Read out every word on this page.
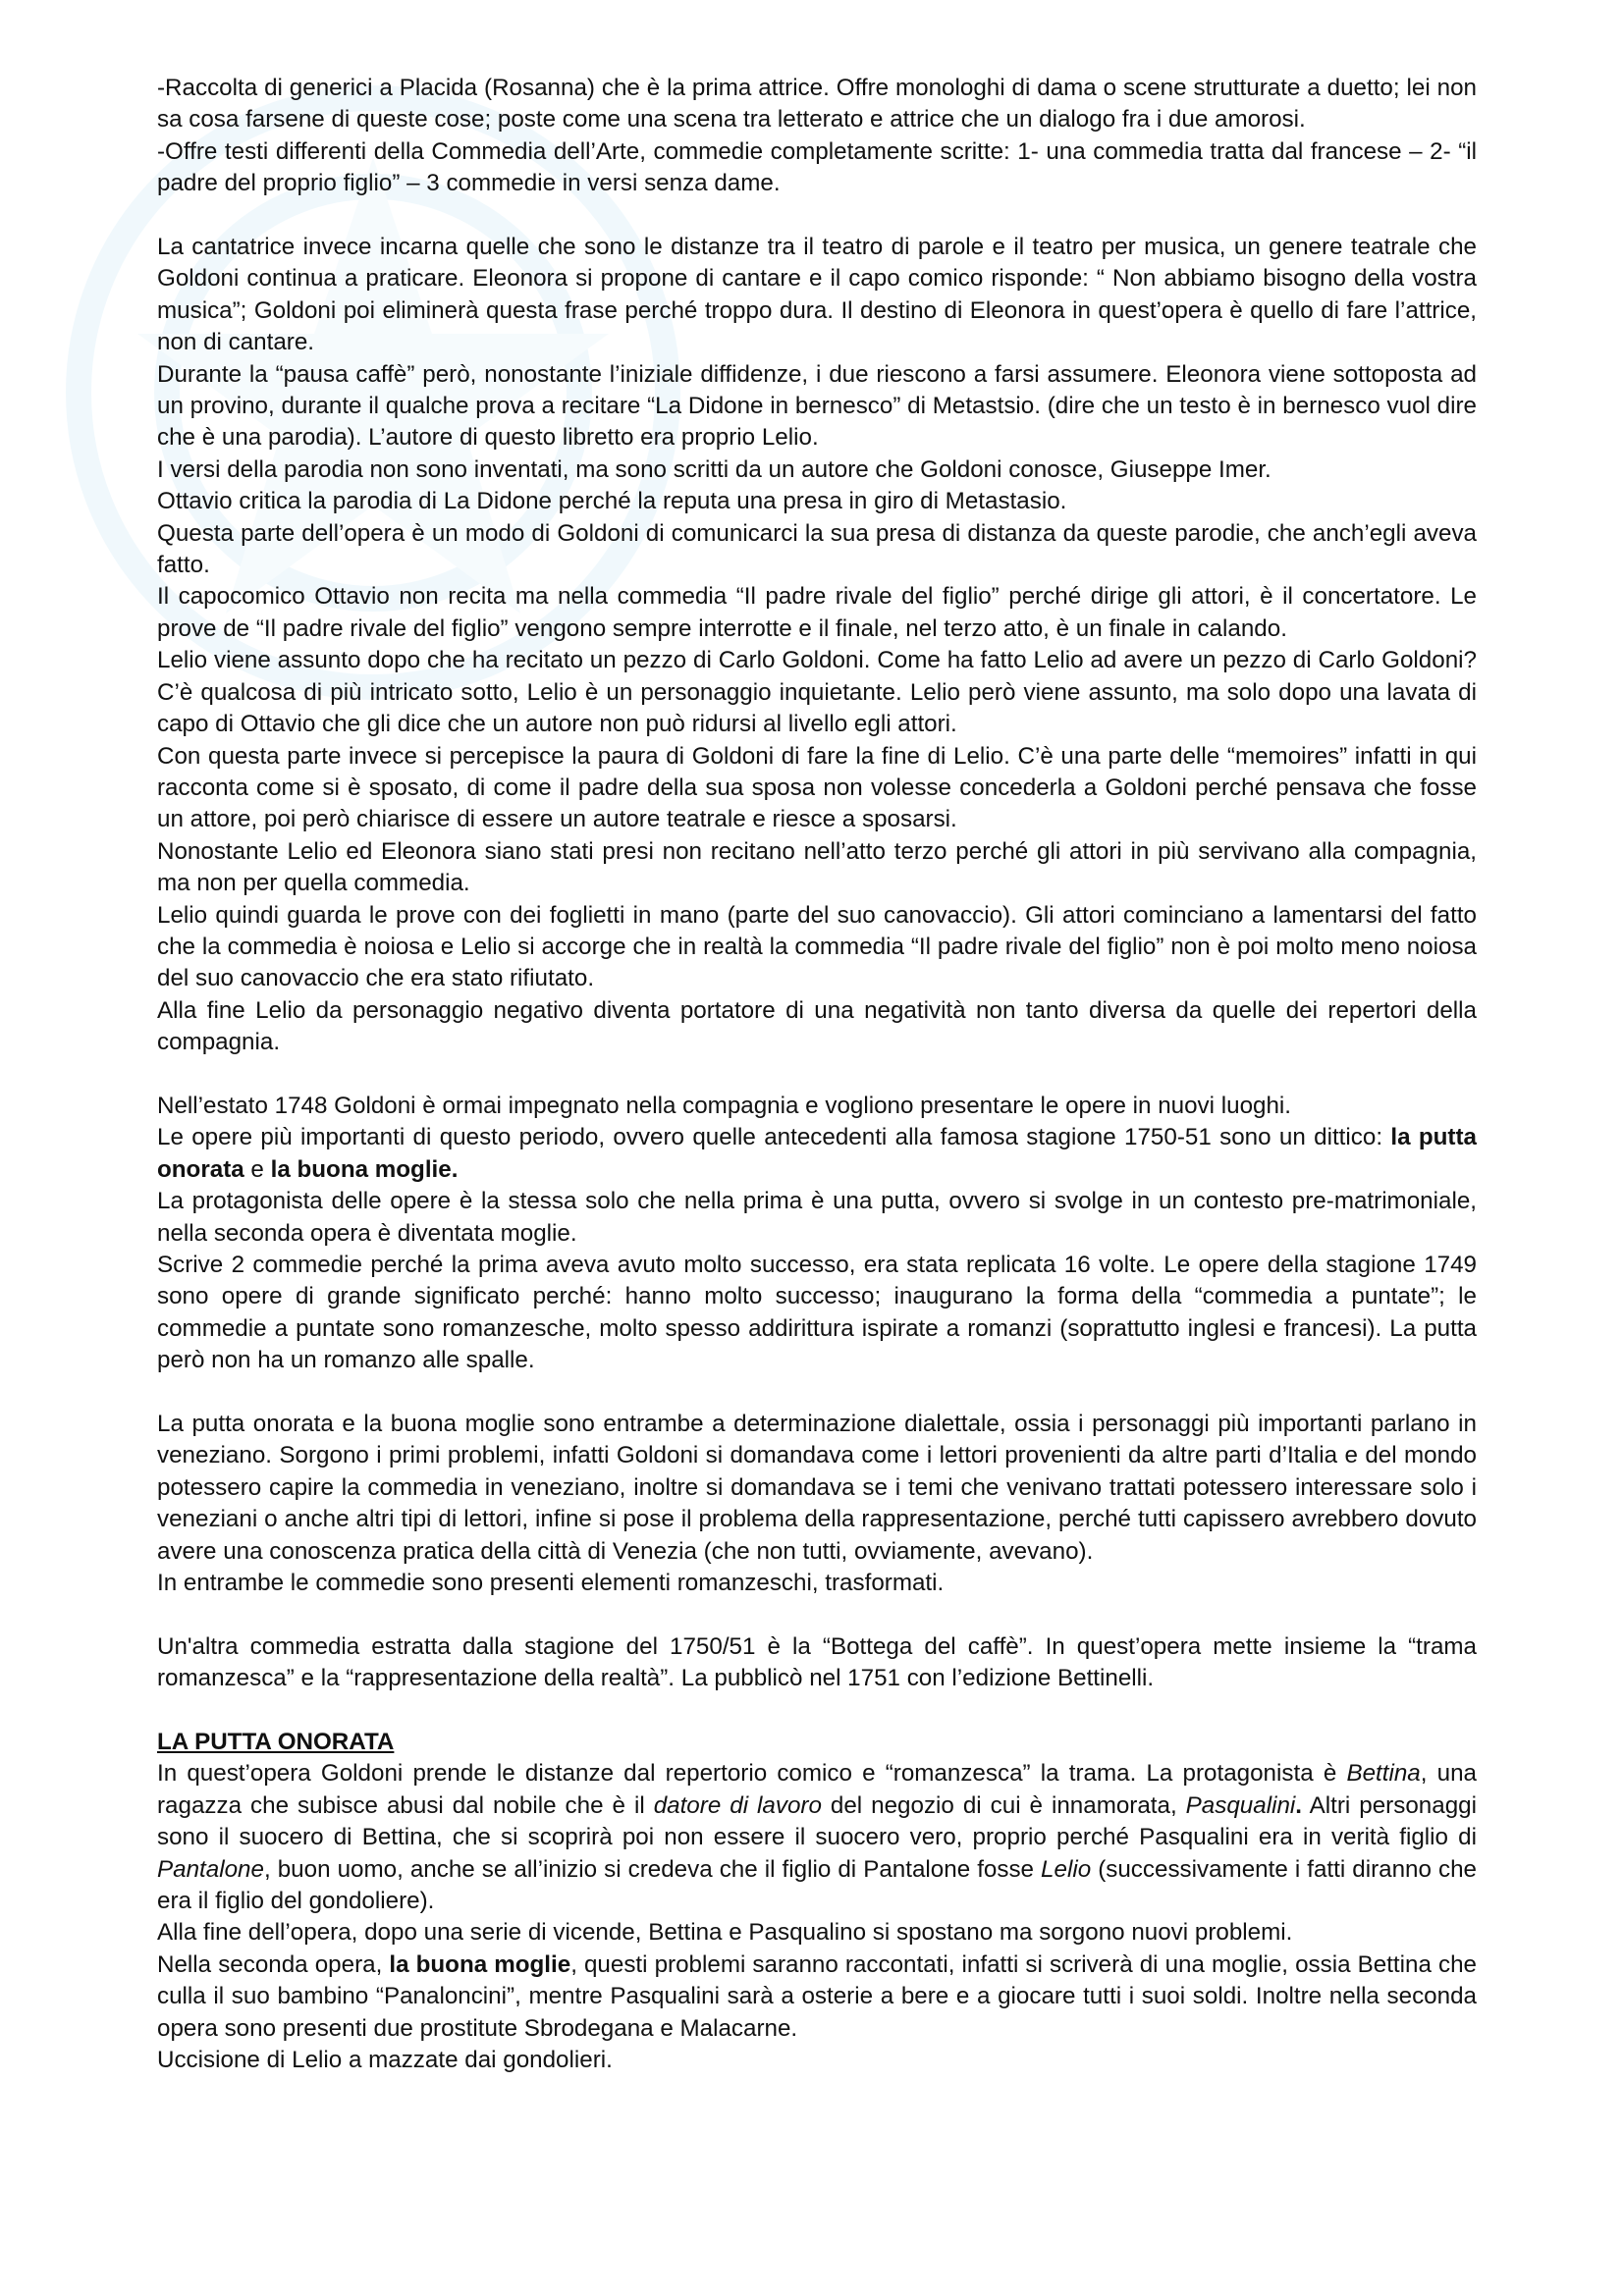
-Raccolta di generici a Placida (Rosanna) che è la prima attrice. Offre monologhi di dama o scene strutturate a duetto; lei non sa cosa farsene di queste cose; poste come una scena tra letterato e attrice che un dialogo fra i due amorosi.

-Offre testi differenti della Commedia dell’Arte, commedie completamente scritte: 1- una commedia tratta dal francese – 2- “il padre del proprio figlio” – 3 commedie in versi senza dame.

La cantatrice invece incarna quelle che sono le distanze tra il teatro di parole e il teatro per musica, un genere teatrale che Goldoni continua a praticare. Eleonora si propone di cantare e il capo comico risponde: “ Non abbiamo bisogno della vostra musica”; Goldoni poi eliminerà questa frase perché troppo dura. Il destino di Eleonora in quest’opera è quello di fare l’attrice, non di cantare.

Durante la “pausa caffè” però, nonostante l’iniziale diffidenze, i due riescono a farsi assumere. Eleonora viene sottoposta ad un provino, durante il qualche prova a recitare “La Didone in bernesco” di Metastsio. (dire che un testo è in bernesco vuol dire che è una parodia). L’autore di questo libretto era proprio Lelio.

I versi della parodia non sono inventati, ma sono scritti da un autore che Goldoni conosce, Giuseppe Imer.

Ottavio critica la parodia di La Didone perché la reputa una presa in giro di Metastasio.

Questa parte dell’opera è un modo di Goldoni di comunicarci la sua presa di distanza da queste parodie, che anch’egli aveva fatto.

Il capocomico Ottavio non recita ma nella commedia “Il padre rivale del figlio” perché dirige gli attori, è il concertatore. Le prove de “Il padre rivale del figlio” vengono sempre interrotte e il finale, nel terzo atto, è un finale in calando.

Lelio viene assunto dopo che ha recitato un pezzo di Carlo Goldoni. Come ha fatto Lelio ad avere un pezzo di Carlo Goldoni? C’è qualcosa di più intricato sotto, Lelio è un personaggio inquietante. Lelio però viene assunto, ma solo dopo una lavata di capo di Ottavio che gli dice che un autore non può ridursi al livello egli attori.

Con questa parte invece si percepisce la paura di Goldoni di fare la fine di Lelio. C’è una parte delle “memoires” infatti in qui racconta come si è sposato, di come il padre della sua sposa non volesse concederla a Goldoni perché pensava che fosse un attore, poi però chiarisce di essere un autore teatrale e riesce a sposarsi.

Nonostante Lelio ed Eleonora siano stati presi non recitano nell’atto terzo perché gli attori in più servivano alla compagnia, ma non per quella commedia.

Lelio quindi guarda le prove con dei foglietti in mano (parte del suo canovaccio). Gli attori cominciano a lamentarsi del fatto che la commedia è noiosa e Lelio si accorge che in realtà la commedia “Il padre rivale del figlio” non è poi molto meno noiosa del suo canovaccio che era stato rifiutato.

Alla fine Lelio da personaggio negativo diventa portatore di una negatività non tanto diversa da quelle dei repertori della compagnia.

Nell’estato 1748 Goldoni è ormai impegnato nella compagnia e vogliono presentare le opere in nuovi luoghi.

Le opere più importanti di questo periodo, ovvero quelle antecedenti alla famosa stagione 1750-51 sono un dittico: la putta onorata e la buona moglie.

La protagonista delle opere è la stessa solo che nella prima è una putta, ovvero si svolge in un contesto pre-matrimoniale, nella seconda opera è diventata moglie.

Scrive 2 commedie perché la prima aveva avuto molto successo, era stata replicata 16 volte. Le opere della stagione 1749 sono opere di grande significato perché: hanno molto successo; inaugurano la forma della “commedia a puntate”; le commedie a puntate sono romanzesche, molto spesso addirittura ispirate a romanzi (soprattutto inglesi e francesi). La putta però non ha un romanzo alle spalle.

La putta onorata e la buona moglie sono entrambe a determinazione dialettale, ossia i personaggi più importanti parlano in veneziano. Sorgono i primi problemi, infatti Goldoni si domandava come i lettori provenienti da altre parti d’Italia e del mondo potessero capire la commedia in veneziano, inoltre si domandava se i temi che venivano trattati potessero interessare solo i veneziani o anche altri tipi di lettori, infine si pose il problema della rappresentazione, perché tutti capissero avrebbero dovuto avere una conoscenza pratica della città di Venezia (che non tutti, ovviamente, avevano).

In entrambe le commedie sono presenti elementi romanzeschi, trasformati.

Un'altra commedia estratta dalla stagione del 1750/51 è la “Bottega del caffè”. In quest’opera mette insieme la “trama romanzesca” e la “rappresentazione della realtà”. La pubblicò nel 1751 con l’edizione Bettinelli.

LA PUTTA ONORATA

In quest’opera Goldoni prende le distanze dal repertorio comico e “romanzesca” la trama. La protagonista è Bettina, una ragazza che subisce abusi dal nobile che è il datore di lavoro del negozio di cui è innamorata, Pasqualini. Altri personaggi sono il suocero di Bettina, che si scoprirà poi non essere il suocero vero, proprio perché Pasqualini era in verità figlio di Pantalone, buon uomo, anche se all’inizio si credeva che il figlio di Pantalone fosse Lelio (successivamente i fatti diranno che era il figlio del gondoliere).

Alla fine dell’opera, dopo una serie di vicende, Bettina e Pasqualino si spostano ma sorgono nuovi problemi.

Nella seconda opera, la buona moglie, questi problemi saranno raccontati, infatti si scriverà di una moglie, ossia Bettina che culla il suo bambino “Panaloncini”, mentre Pasqualini sarà a osterie a bere e a giocare tutti i suoi soldi. Inoltre nella seconda opera sono presenti due prostitute Sbrodegana e Malacarne.

Uccisione di Lelio a mazzate dai gondolieri.
